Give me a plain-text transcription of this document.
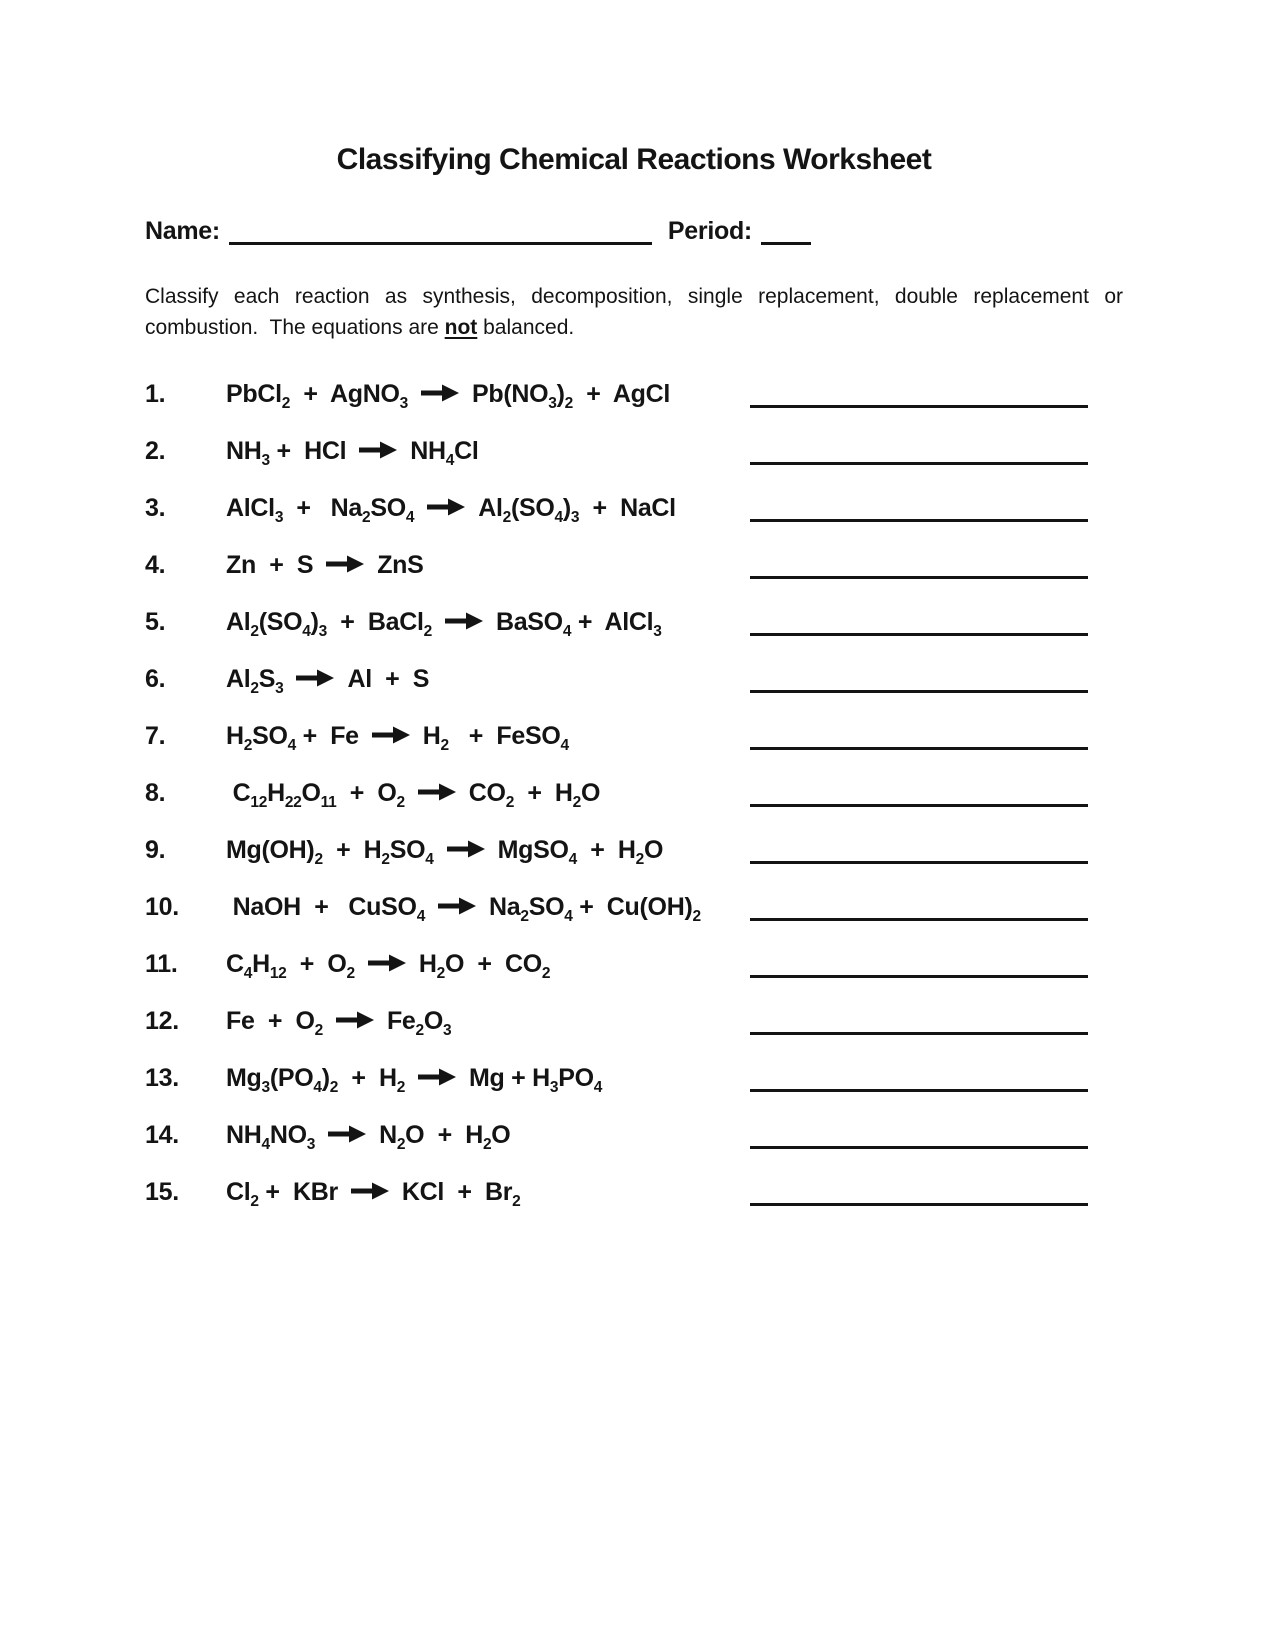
Classifying Chemical Reactions Worksheet
Name:	Period:
Classify each reaction as synthesis, decomposition, single replacement, double replacement or
combustion.  The equations are not balanced.
1.	PbCl$_2$  +  AgNO$_3$ → $Pb(NO_3)_2$  +  AgCl
2.	$NH_3$ +  HCl → $NH_4Cl$
3.	AlCl$_3$  +   $Na_2SO_4 \to Al_2(SO_4)_3$  +  NaCl
4.	Zn  +  S → ZnS
5.	$Al_2(SO_4)_3$  +  BaCl$_2$ → BaSO$_4$ +  AlCl$_3$
6.	$Al_2S_3 \to Al + S$
7.	$H_2SO_4 + Fe \to H_2$   +  FeSO$_4$
8.	$C_{12}H_{22}O_{11} + O_2 \to CO_2 + H_2O$
9.	$Mg(OH)_2 + H_2SO_4$ → MgSO$_4$  +  $H_2O$
10.	NaOH  +   CuSO$_4$ → $Na_2SO_4 + Cu(OH)_2$
11.	$C_4H_{12} + O_2 \to H_2O + CO_2$
12.	$Fe + O_2 \to Fe_2O_3$
13.	$Mg_3(PO_4)_2 + H_2 \to Mg + H_3PO_4$
14.	$NH_4NO_3 \to N_2O + H_2O$
15.	$Cl_2$ +  KBr → KCl  +  $Br_2$
